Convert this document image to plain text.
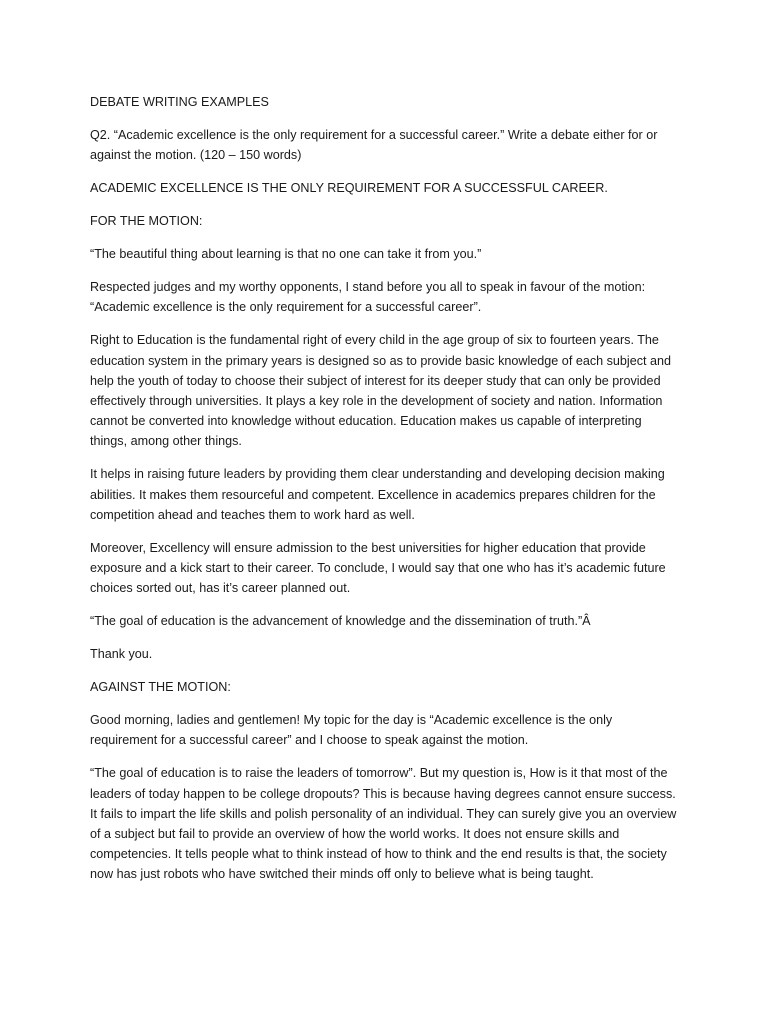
DEBATE WRITING EXAMPLES

Q2. “Academic excellence is the only requirement for a successful career.” Write a debate either for or against the motion. (120 – 150 words)

ACADEMIC EXCELLENCE IS THE ONLY REQUIREMENT FOR A SUCCESSFUL CAREER.

FOR THE MOTION:

“The beautiful thing about learning is that no one can take it from you.”

Respected judges and my worthy opponents, I stand before you all to speak in favour of the motion: “Academic excellence is the only requirement for a successful career”.

Right to Education is the fundamental right of every child in the age group of six to fourteen years. The education system in the primary years is designed so as to provide basic knowledge of each subject and help the youth of today to choose their subject of interest for its deeper study that can only be provided effectively through universities. It plays a key role in the development of society and nation. Information cannot be converted into knowledge without education. Education makes us capable of interpreting things, among other things.

It helps in raising future leaders by providing them clear understanding and developing decision making abilities. It makes them resourceful and competent. Excellence in academics prepares children for the competition ahead and teaches them to work hard as well.

Moreover, Excellency will ensure admission to the best universities for higher education that provide exposure and a kick start to their career. To conclude, I would say that one who has it’s academic future choices sorted out, has it’s career planned out.

“The goal of education is the advancement of knowledge and the dissemination of truth.”Â

Thank you.

AGAINST THE MOTION:

Good morning, ladies and gentlemen! My topic for the day is “Academic excellence is the only requirement for a successful career” and I choose to speak against the motion.

“The goal of education is to raise the leaders of tomorrow”. But my question is, How is it that most of the leaders of today happen to be college dropouts? This is because having degrees cannot ensure success. It fails to impart the life skills and polish personality of an individual. They can surely give you an overview of a subject but fail to provide an overview of how the world works. It does not ensure skills and competencies. It tells people what to think instead of how to think and the end results is that, the society now has just robots who have switched their minds off only to believe what is being taught.
